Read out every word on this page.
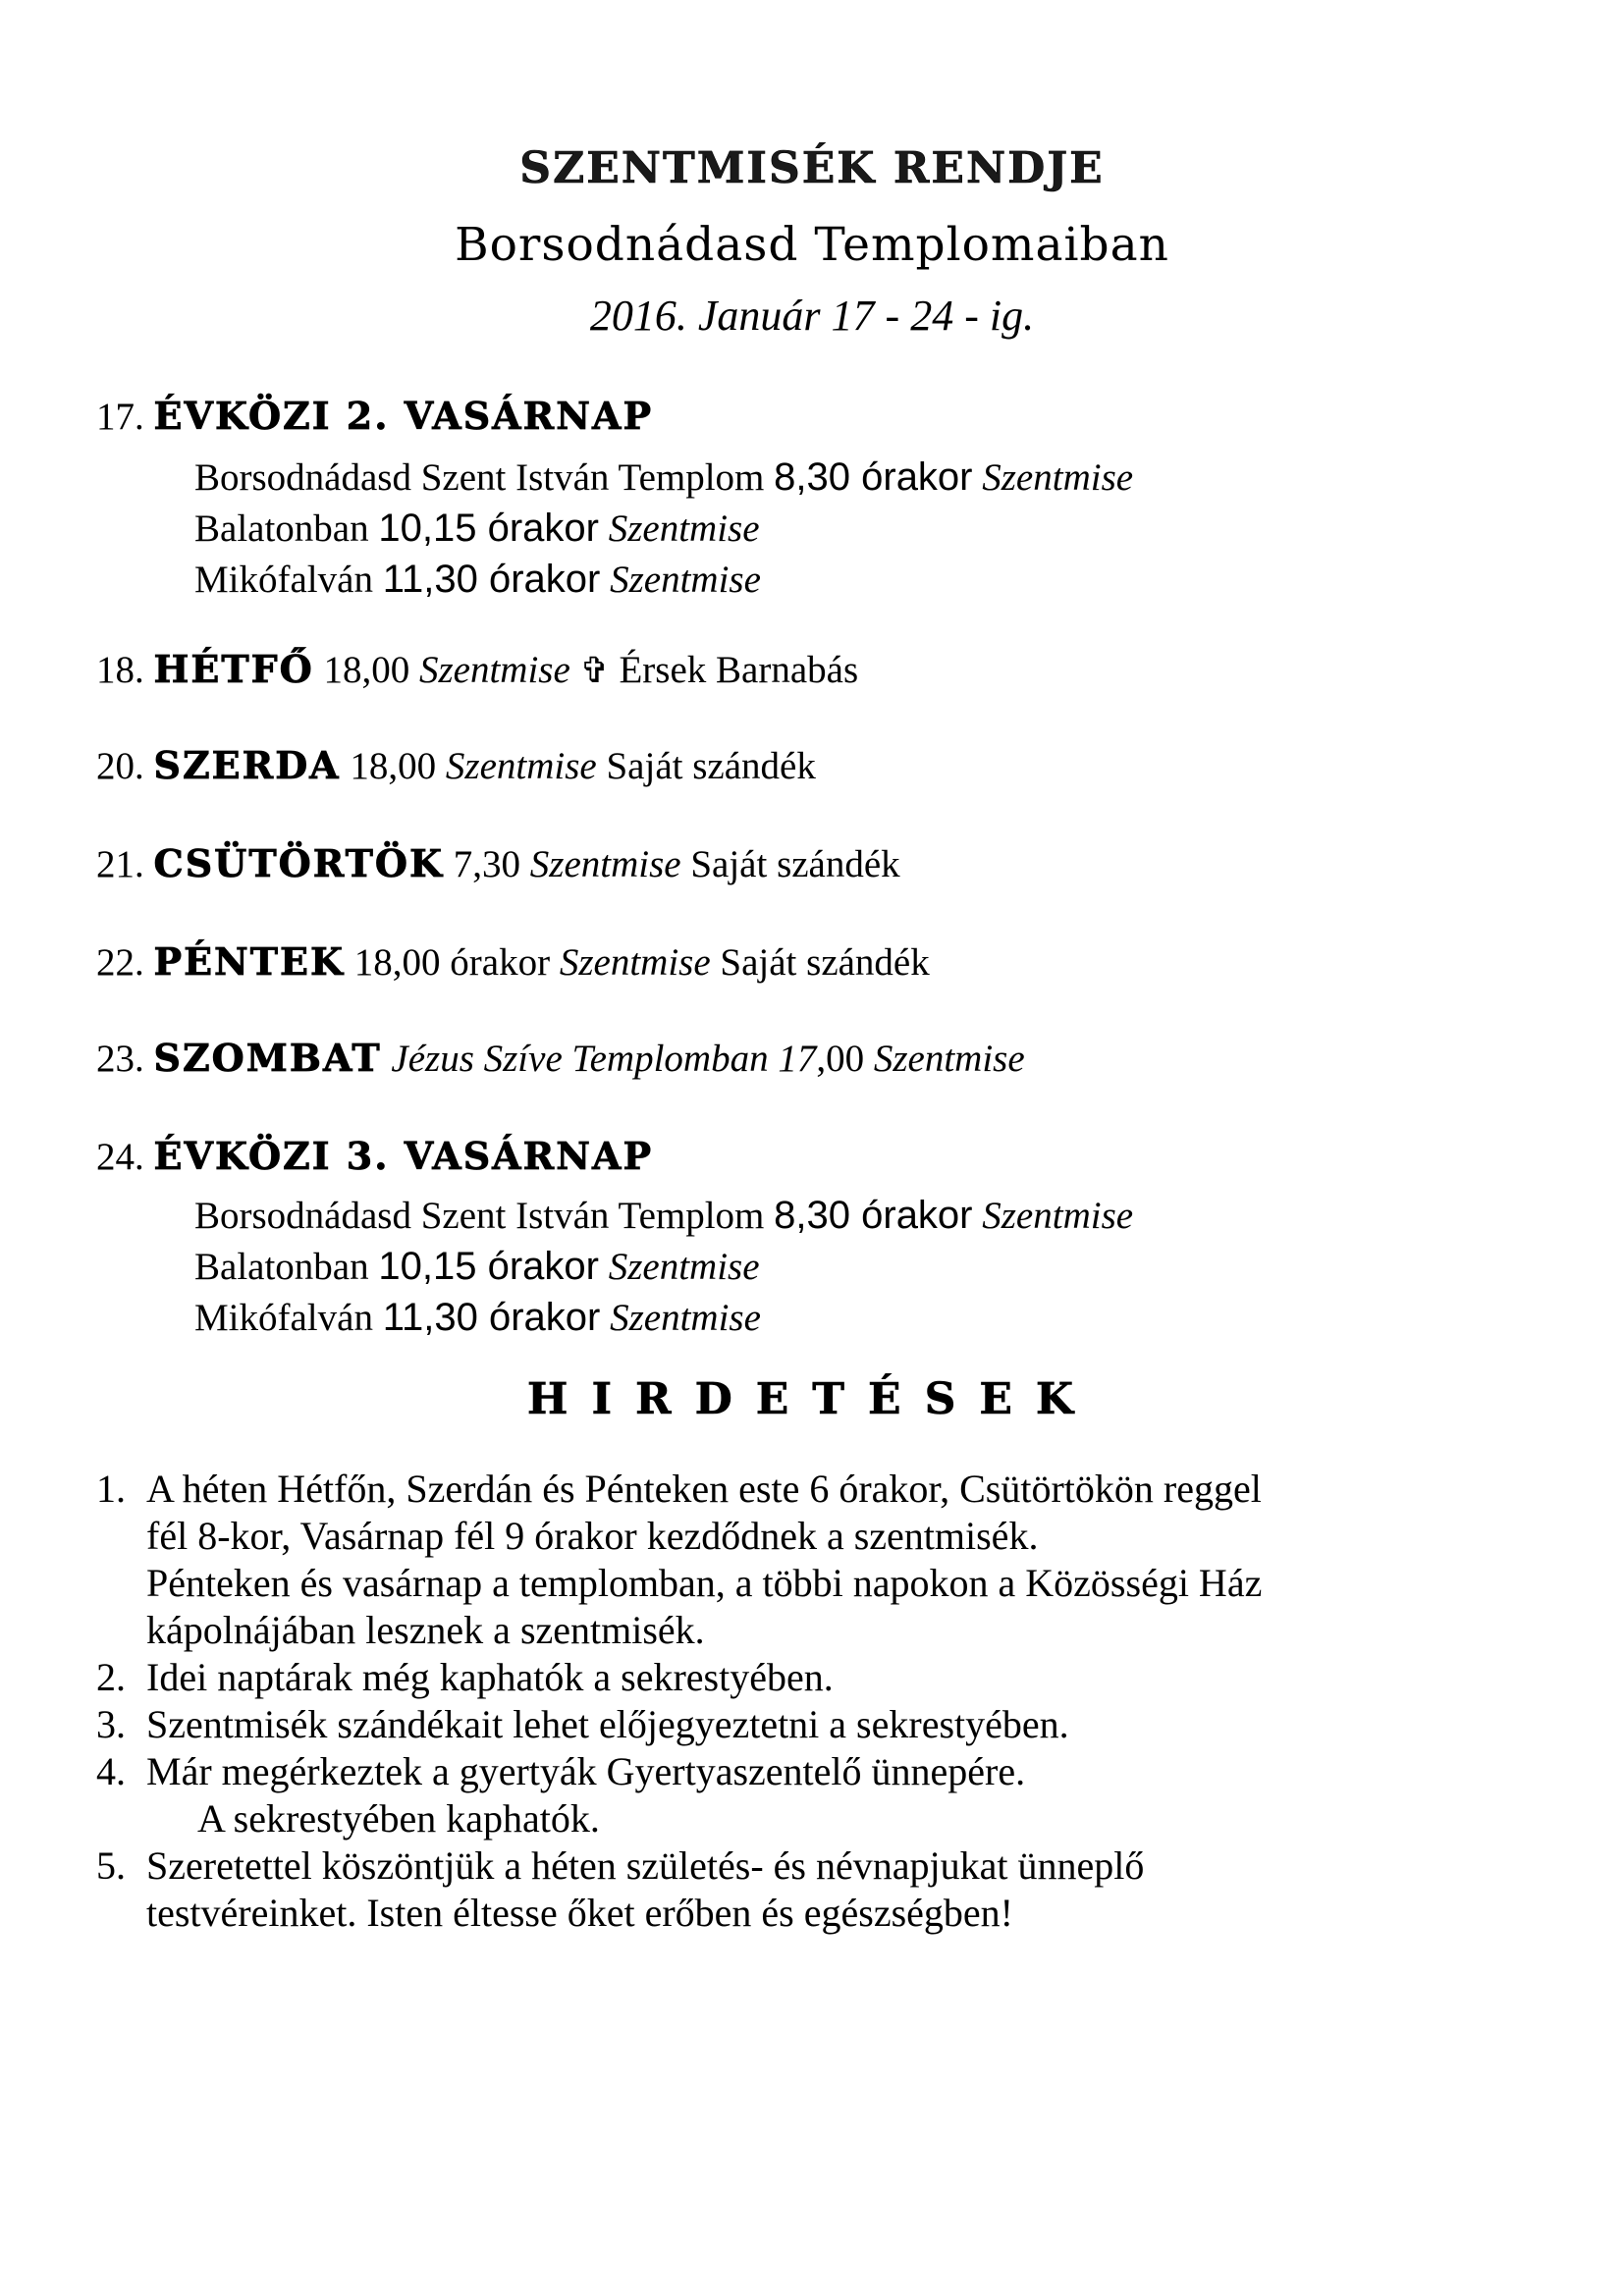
SZENTMISÉK RENDJE
Borsodnádasd Templomaiban
2016. Január 17 - 24 - ig.
17. ÉVKÖZI 2. VASÁRNAP
Borsodnádasd Szent István Templom 8,30 órakor Szentmise
Balatonban 10,15 órakor Szentmise
Mikófalván 11,30 órakor Szentmise
18. HÉTFŐ 18,00 Szentmise ✞ Érsek Barnabás
20. SZERDA 18,00 Szentmise Saját szándék
21. CSÜTÖRTÖK 7,30 Szentmise Saját szándék
22. PÉNTEK 18,00 órakor Szentmise Saját szándék
23. SZOMBAT Jézus Szíve Templomban 17,00 Szentmise
24. ÉVKÖZI 3. VASÁRNAP
Borsodnádasd Szent István Templom 8,30 órakor Szentmise
Balatonban 10,15 órakor Szentmise
Mikófalván 11,30 órakor Szentmise
HIRDETÉSEK
1. A héten Hétfőn, Szerdán és Pénteken este 6 órakor, Csütörtökön reggel
fél 8-kor, Vasárnap fél 9 órakor kezdődnek a szentmisék.
Pénteken és vasárnap a templomban, a többi napokon a Közösségi Ház
kápolnájában lesznek a szentmisék.
2. Idei naptárak még kaphatók a sekrestyében.
3. Szentmisék szándékait lehet előjegyeztetni a sekrestyében.
4. Már megérkeztek a gyertyák Gyertyaszentelő ünnepére.
A sekrestyében kaphatók.
5. Szeretettel köszöntjük a héten születés- és névnapjukat ünneplő
testvéreinket. Isten éltesse őket erőben és egészségben!
